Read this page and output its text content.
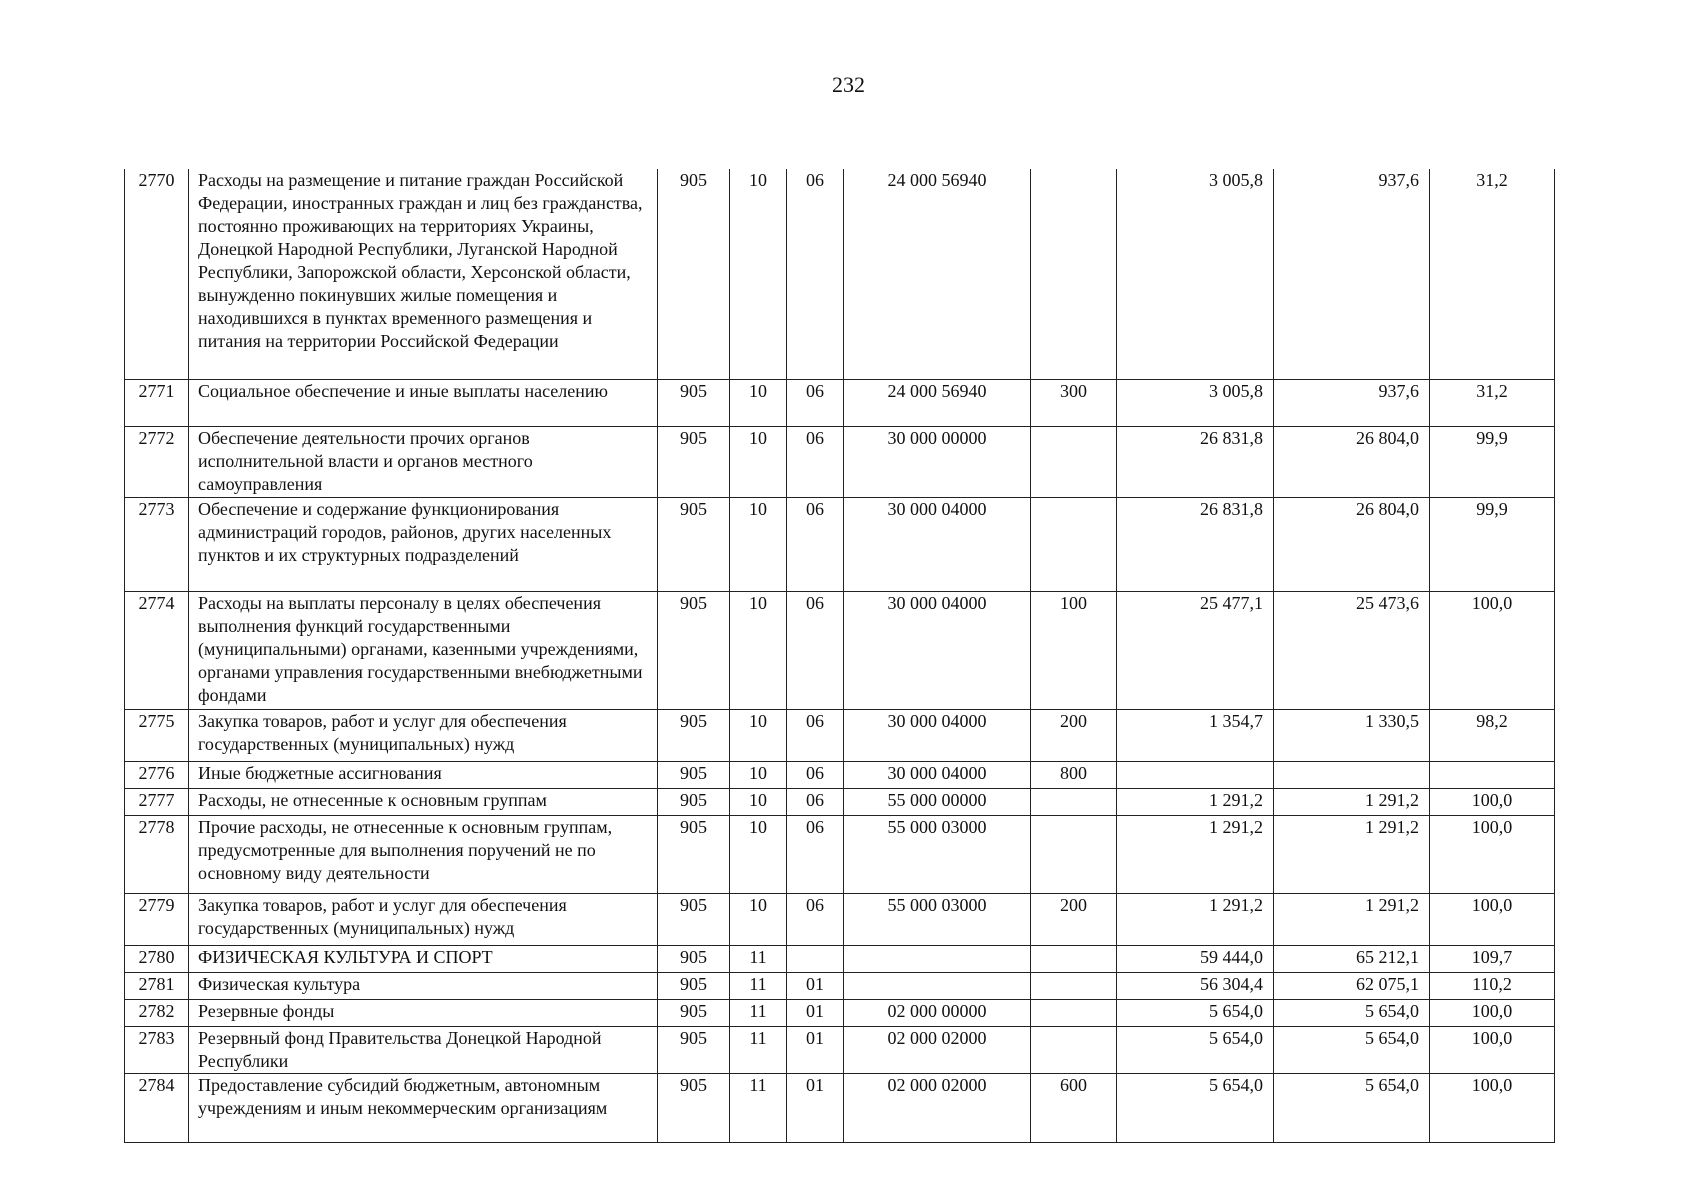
232
2770	Расходы на размещение и питание граждан Российской Федерации, иностранных граждан и лиц без гражданства, постоянно проживающих на территориях Украины, Донецкой Народной Республики, Луганской Народной Республики, Запорожской области, Херсонской области, вынужденно покинувших жилые помещения и находившихся в пунктах временного размещения и питания на территории Российской Федерации	905	10	06	24 000 56940		3 005,8	937,6	31,2
2771	Социальное обеспечение и иные выплаты населению	905	10	06	24 000 56940	300	3 005,8	937,6	31,2
2772	Обеспечение деятельности прочих органов исполнительной власти и органов местного самоуправления	905	10	06	30 000 00000		26 831,8	26 804,0	99,9
2773	Обеспечение и содержание функционирования администраций городов, районов, других населенных пунктов и их структурных подразделений	905	10	06	30 000 04000		26 831,8	26 804,0	99,9
2774	Расходы на выплаты персоналу в целях обеспечения выполнения функций государственными (муниципальными) органами, казенными учреждениями, органами управления государственными внебюджетными фондами	905	10	06	30 000 04000	100	25 477,1	25 473,6	100,0
2775	Закупка товаров, работ и услуг для обеспечения государственных (муниципальных) нужд	905	10	06	30 000 04000	200	1 354,7	1 330,5	98,2
2776	Иные бюджетные ассигнования	905	10	06	30 000 04000	800			
2777	Расходы, не отнесенные к основным группам	905	10	06	55 000 00000		1 291,2	1 291,2	100,0
2778	Прочие расходы, не отнесенные к основным группам, предусмотренные для выполнения поручений не по основному виду деятельности	905	10	06	55 000 03000		1 291,2	1 291,2	100,0
2779	Закупка товаров, работ и услуг для обеспечения государственных (муниципальных) нужд	905	10	06	55 000 03000	200	1 291,2	1 291,2	100,0
2780	ФИЗИЧЕСКАЯ КУЛЬТУРА И СПОРТ	905	11				59 444,0	65 212,1	109,7
2781	Физическая культура	905	11	01			56 304,4	62 075,1	110,2
2782	Резервные фонды	905	11	01	02 000 00000		5 654,0	5 654,0	100,0
2783	Резервный фонд Правительства Донецкой Народной Республики	905	11	01	02 000 02000		5 654,0	5 654,0	100,0
2784	Предоставление субсидий бюджетным, автономным учреждениям и иным некоммерческим организациям	905	11	01	02 000 02000	600	5 654,0	5 654,0	100,0
